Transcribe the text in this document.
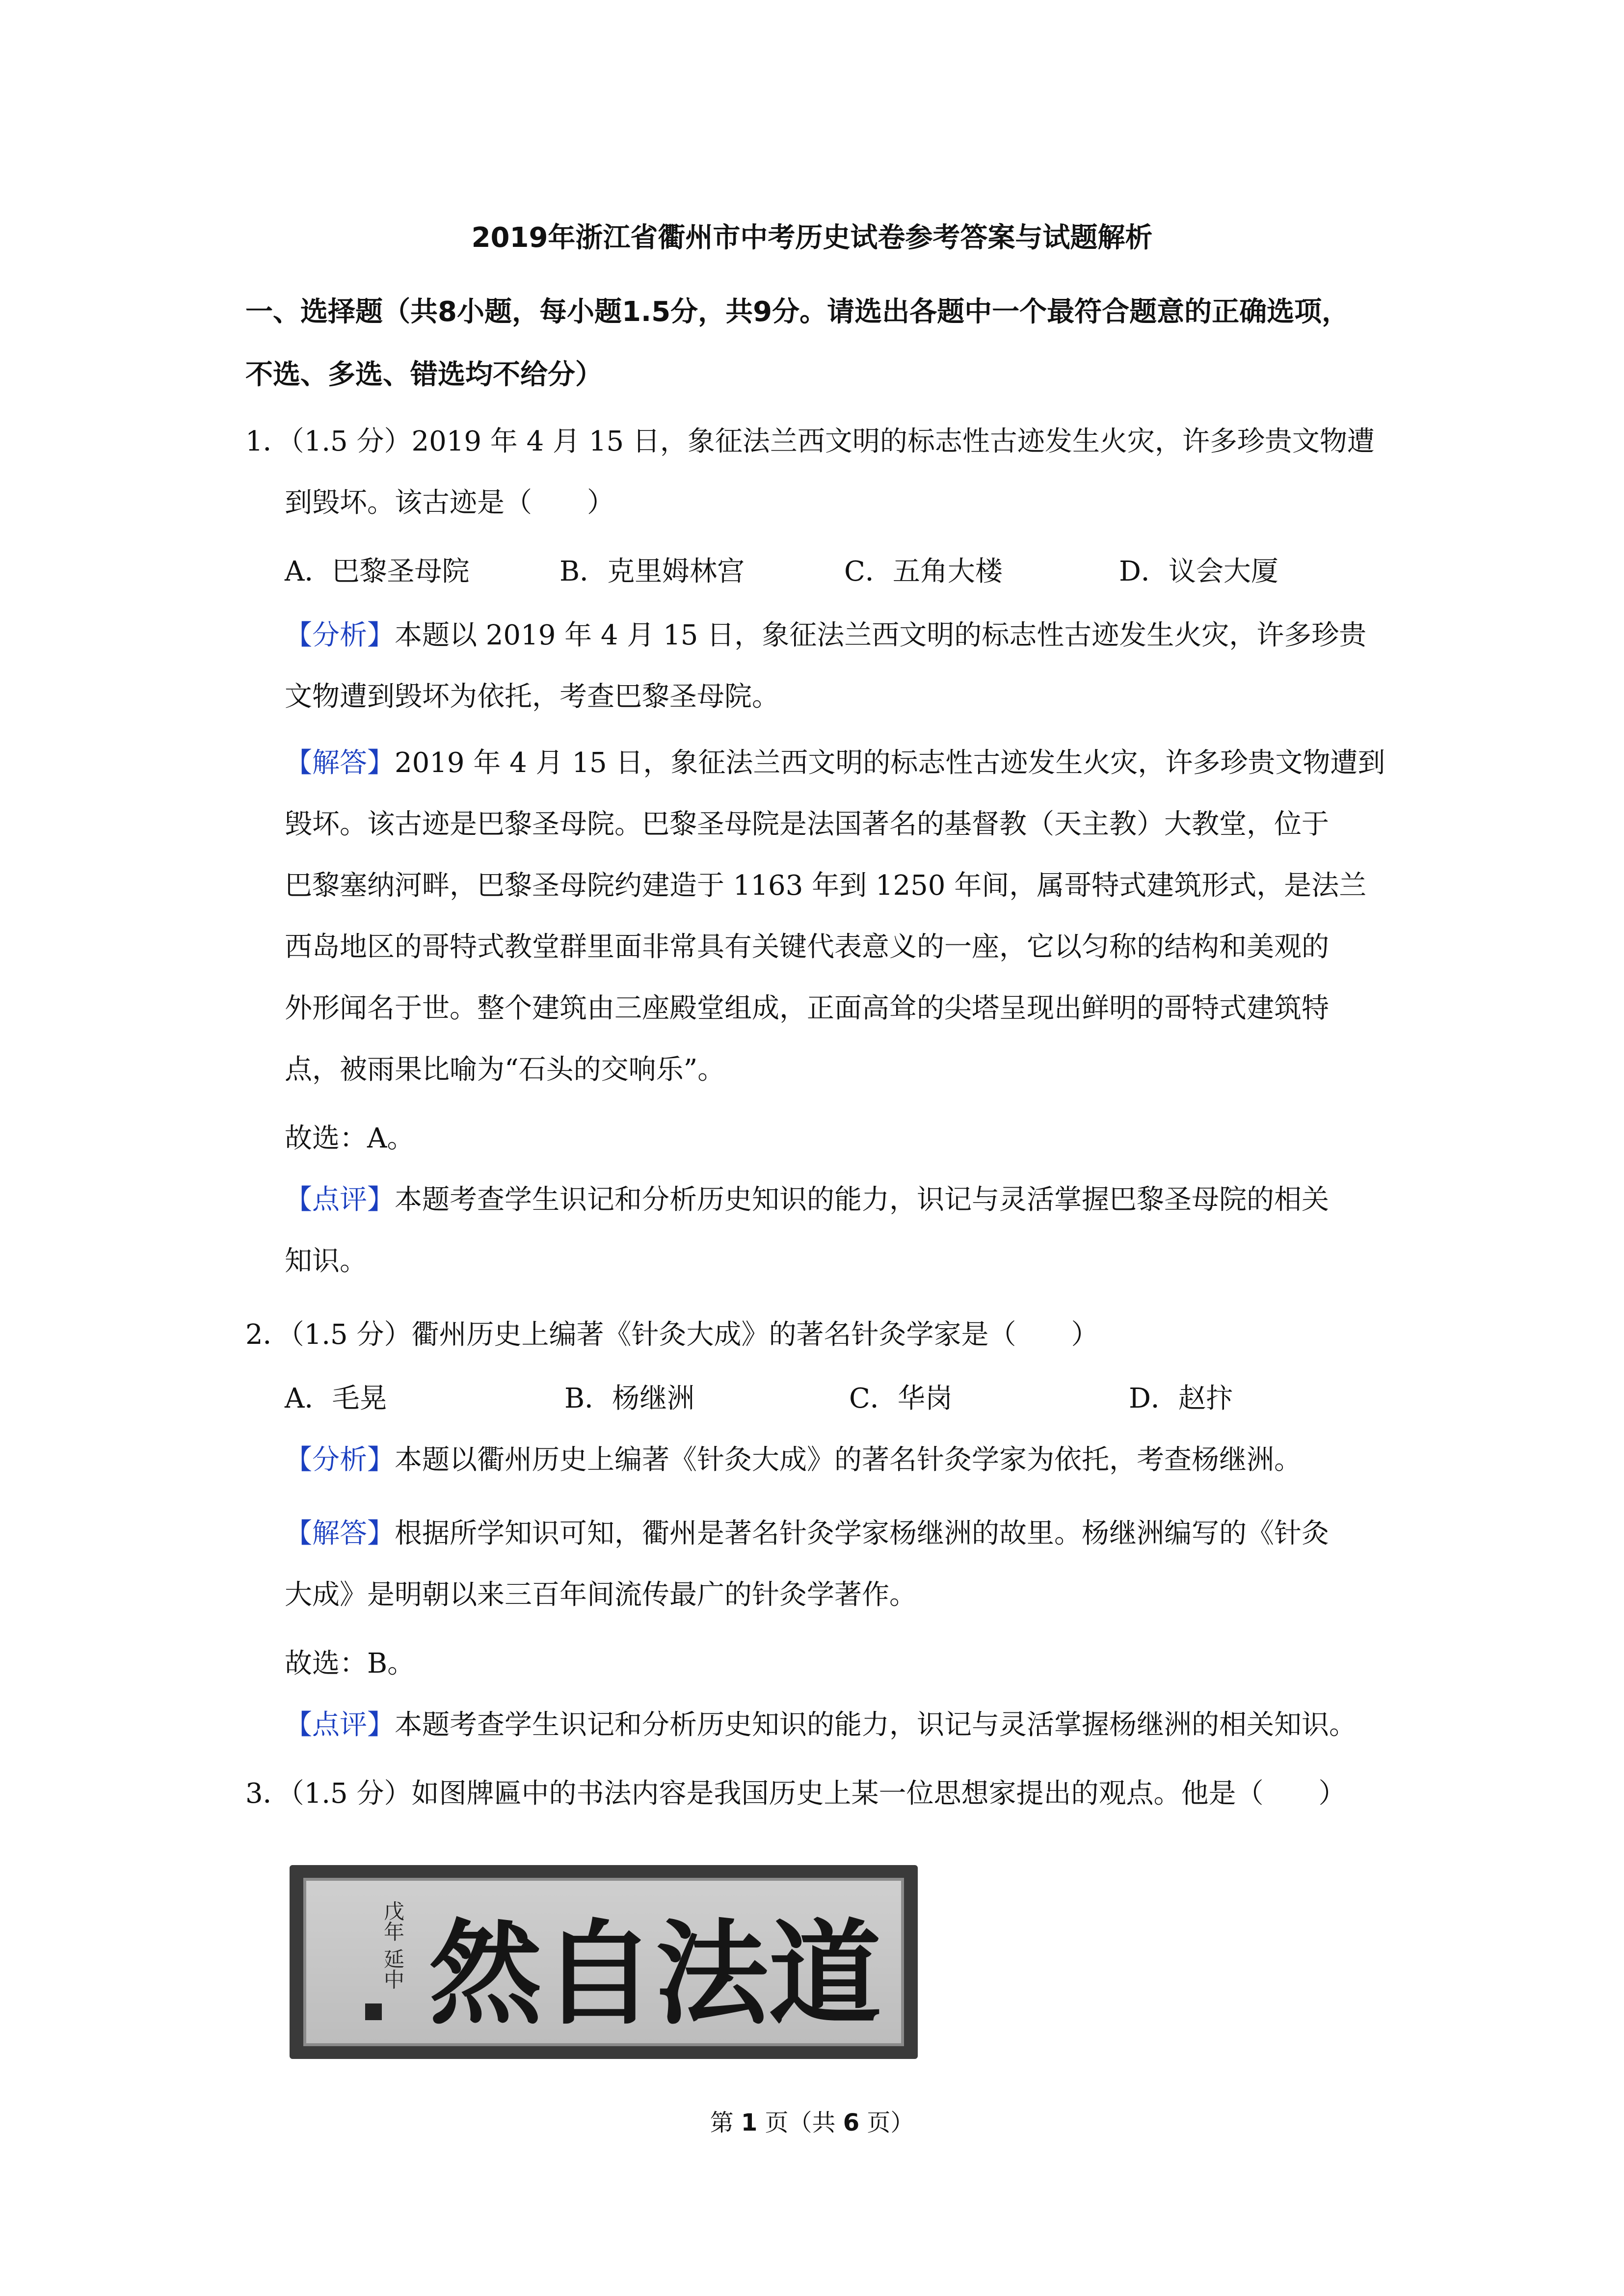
2019年浙江省衢州市中考历史试卷参考答案与试题解析
一、选择题（共8小题，每小题1.5分，共9分。请选出各题中一个最符合题意的正确选项，
不选、多选、错选均不给分）
1．（1.5 分）2019 年 4 月 15 日，象征法兰西文明的标志性古迹发生火灾，许多珍贵文物遭
到毁坏。该古迹是（　　）
A．巴黎圣母院	B．克里姆林宫	C．五角大楼	D．议会大厦
【分析】本题以 2019 年 4 月 15 日，象征法兰西文明的标志性古迹发生火灾，许多珍贵
文物遭到毁坏为依托，考查巴黎圣母院。
【解答】2019 年 4 月 15 日，象征法兰西文明的标志性古迹发生火灾，许多珍贵文物遭到
毁坏。该古迹是巴黎圣母院。巴黎圣母院是法国著名的基督教（天主教）大教堂，位于
巴黎塞纳河畔，巴黎圣母院约建造于 1163 年到 1250 年间，属哥特式建筑形式，是法兰
西岛地区的哥特式教堂群里面非常具有关键代表意义的一座，它以匀称的结构和美观的
外形闻名于世。整个建筑由三座殿堂组成，正面高耸的尖塔呈现出鲜明的哥特式建筑特
点，被雨果比喻为“石头的交响乐”。
故选：A。
【点评】本题考查学生识记和分析历史知识的能力，识记与灵活掌握巴黎圣母院的相关
知识。
2．（1.5 分）衢州历史上编著《针灸大成》的著名针灸学家是（　　）
A．毛晃	B．杨继洲	C．华岗	D．赵抃
【分析】本题以衢州历史上编著《针灸大成》的著名针灸学家为依托，考查杨继洲。
【解答】根据所学知识可知，衢州是著名针灸学家杨继洲的故里。杨继洲编写的《针灸
大成》是明朝以来三百年间流传最广的针灸学著作。
故选：B。
【点评】本题考查学生识记和分析历史知识的能力，识记与灵活掌握杨继洲的相关知识。
3．（1.5 分）如图牌匾中的书法内容是我国历史上某一位思想家提出的观点。他是（　　）
戊年 延中 然 自 法 道
第 1 页（共 6 页）
